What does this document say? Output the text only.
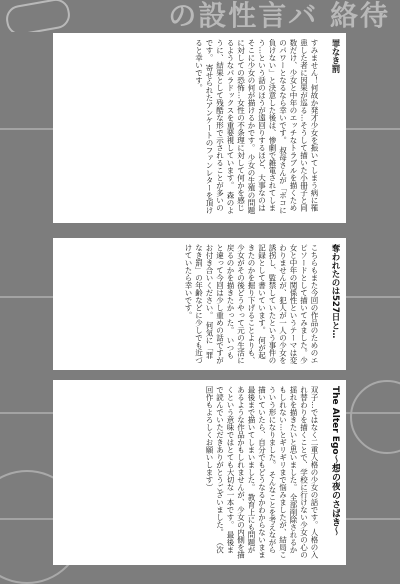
の設性言バ 絡待
罪なき罰

すみません！何故か発才少女を振いてしまう病に罹患した者に因果が巡る…そうして描いた小冊子と同数だけ、少女と中年のエッチなトラブルを描くためのパワーとなるなら幸いです。 叔母さんが「ボコに負けない」と決意した後は、惨劇で雑電されてしまう…という話のほうが遠回りするほど、大事なのはそこに少女の何が描けるかです。 少女の生殖の問題に対しての恐怖…女性の不条理に対して何かを感じるようなパラドックスを重要視しています。 森のように、結果として残酷な形で示されることが多いのです。 寄せられたアンケートのファンレターを頂けると幸いです。
奪われたのは527日と…

こちらもまた今回の作品のためのエピソードとして描いてみました。少女と中年の関係性というテーマは変わりませんが、犯人が一人の少女を誘拐し、監禁していたという事件の記録として書いています。 何が起きたのかを掘り下げることよりも、少女がその後どうやって元の生活に戻るのかを描きたかった。 いつもと違って今回は少し重めの話ですがお付き合いください。 何気に「罪なき罰」の年齢などに少しでも近づけていたら幸いです。
The Alter Ego～想の夜のさばき～

双子…ではなく二重人格の少女の話です。人格の入れ替わりを描くことで、学校に行けない少女の心の揺れを描きたいと思いました。 全部削除されるかもしれない…とギリギリまで悩みましたが、結局こういう形になりました。 そんなことを考えながら描いていたら、自分でもどうなるかわからないまま最後まで描いてしまいました。 教育上にも問題があるような作品かもしれませんが、少女の内側を描くという意味ではとても大切な一本です。 最後まで読んでいただきありがとうございました。 （次回作もよろしくお願いします）
